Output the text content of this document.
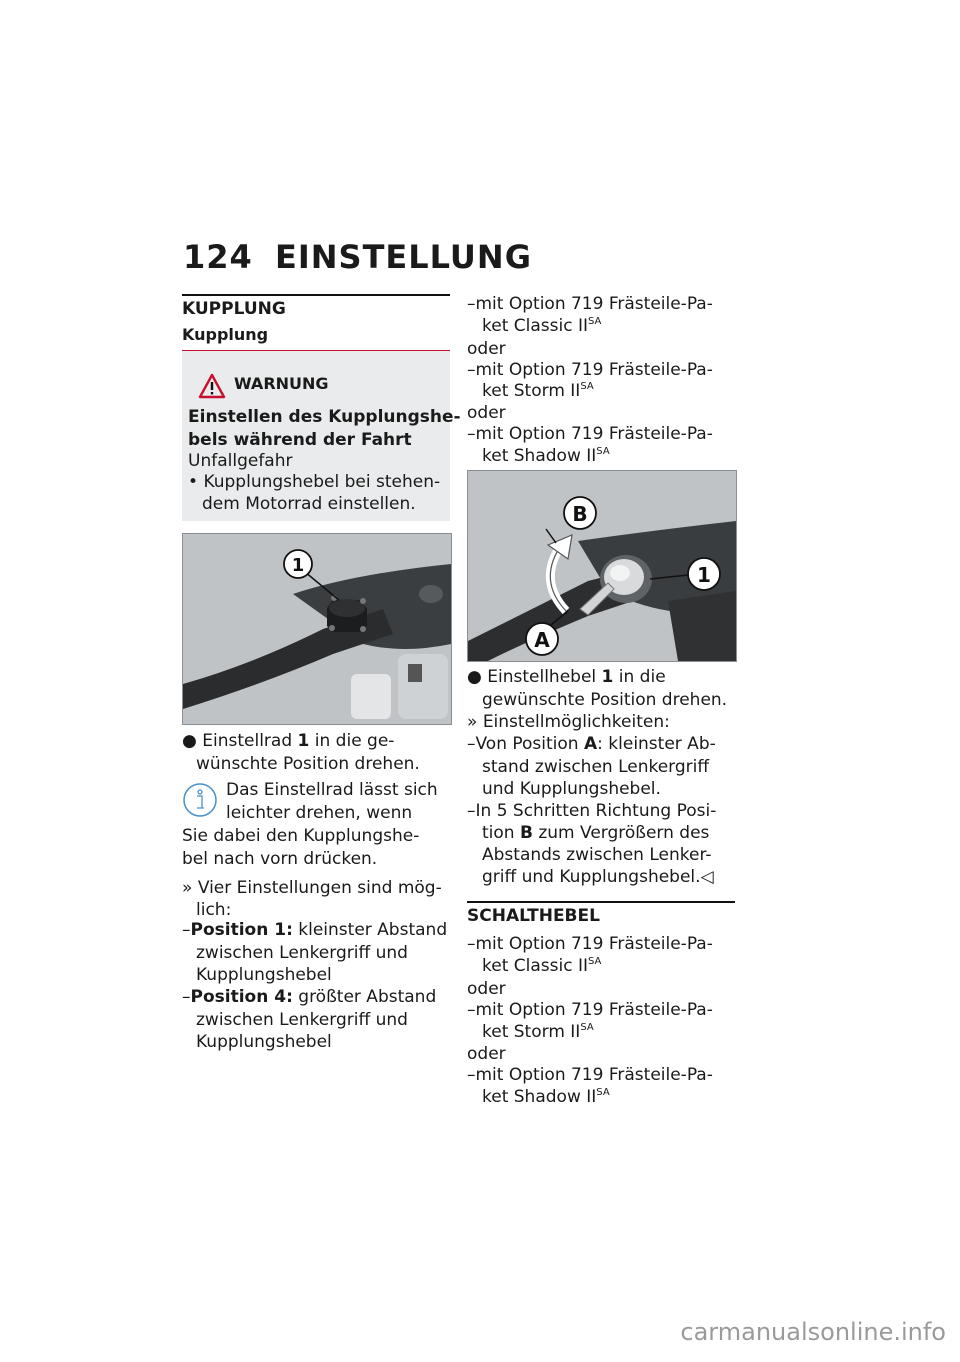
124 EINSTELLUNG
KUPPLUNG
Kupplung
WARNUNG
Einstellen des Kupplungshe-
bels während der Fahrt
Unfallgefahr
• Kupplungshebel bei stehen-
dem Motorrad einstellen.
1
● Einstellrad 1 in die ge-
wünschte Position drehen.
Das Einstellrad lässt sich
leichter drehen, wenn
Sie dabei den Kupplungshe-
bel nach vorn drücken.
» Vier Einstellungen sind mög-
lich:
–Position 1: kleinster Abstand
zwischen Lenkergriff und
Kupplungshebel
–Position 4: größter Abstand
zwischen Lenkergriff und
Kupplungshebel
–mit Option 719 Frästeile-Pa-
ket Classic $II^{SA}$
oder
–mit Option 719 Frästeile-Pa-
ket Storm $II^{SA}$
oder
–mit Option 719 Frästeile-Pa-
ket Shadow $II^{SA}$
B
1
A
● Einstellhebel 1 in die
gewünschte Position drehen.
» Einstellmöglichkeiten:
–Von Position A: kleinster Ab-
stand zwischen Lenkergriff
und Kupplungshebel.
–In 5 Schritten Richtung Posi-
tion B zum Vergrößern des
Abstands zwischen Lenker-
griff und Kupplungshebel.◁
SCHALTHEBEL
–mit Option 719 Frästeile-Pa-
ket Classic $II^{SA}$
oder
–mit Option 719 Frästeile-Pa-
ket Storm $II^{SA}$
oder
–mit Option 719 Frästeile-Pa-
ket Shadow $II^{SA}$
carmanualsonline.info
